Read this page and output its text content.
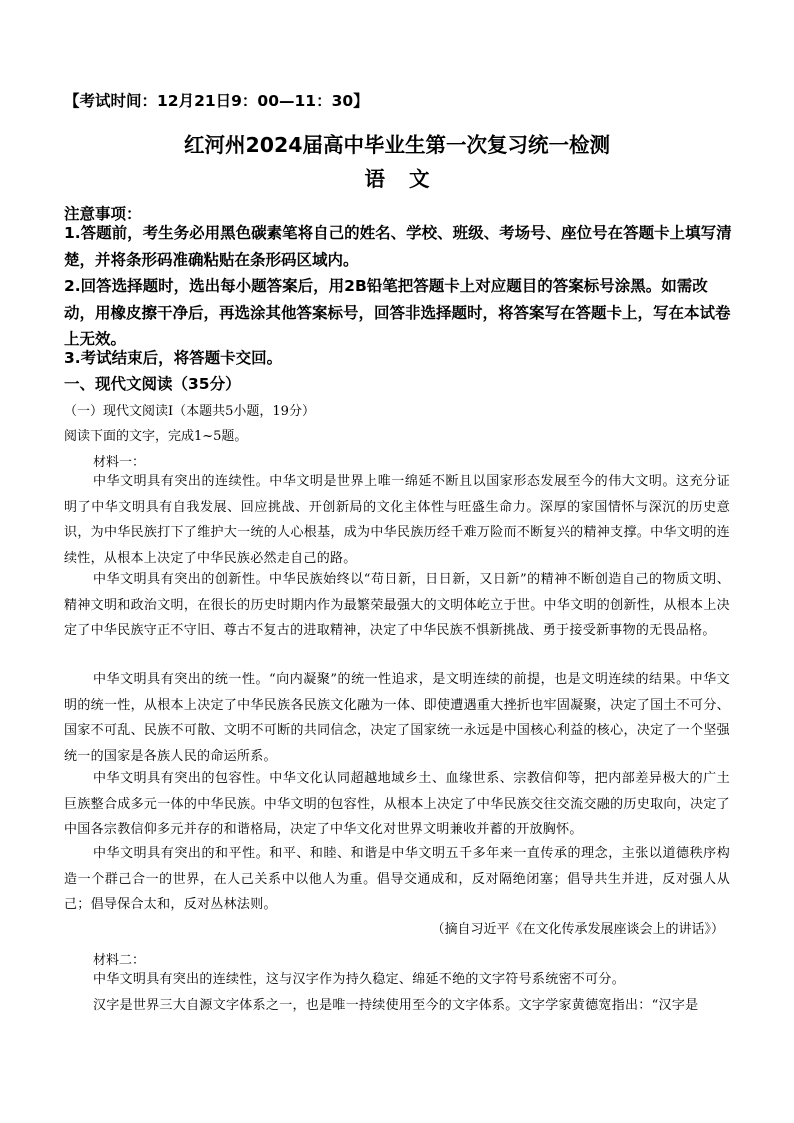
【考试时间：12月21日9：00—11：30】
红河州2024届高中毕业生第一次复习统一检测
语文
注意事项：
1.答题前，考生务必用黑色碳素笔将自己的姓名、学校、班级、考场号、座位号在答题卡上填写清楚，并将条形码准确粘贴在条形码区域内。
2.回答选择题时，选出每小题答案后，用2B铅笔把答题卡上对应题目的答案标号涂黑。如需改动，用橡皮擦干净后，再选涂其他答案标号，回答非选择题时，将答案写在答题卡上，写在本试卷上无效。
3.考试结束后，将答题卡交回。
一、现代文阅读（35分）
（一）现代文阅读Ⅰ（本题共5小题，19分）
阅读下面的文字，完成1~5题。
材料一：
中华文明具有突出的连续性。中华文明是世界上唯一绵延不断且以国家形态发展至今的伟大文明。这充分证明了中华文明具有自我发展、回应挑战、开创新局的文化主体性与旺盛生命力。深厚的家国情怀与深沉的历史意识，为中华民族打下了维护大一统的人心根基，成为中华民族历经千难万险而不断复兴的精神支撑。中华文明的连续性，从根本上决定了中华民族必然走自己的路。
中华文明具有突出的创新性。中华民族始终以“苟日新，日日新，又日新”的精神不断创造自己的物质文明、精神文明和政治文明，在很长的历史时期内作为最繁荣最强大的文明体屹立于世。中华文明的创新性，从根本上决定了中华民族守正不守旧、尊古不复古的进取精神，决定了中华民族不惧新挑战、勇于接受新事物的无畏品格。
中华文明具有突出的统一性。“向内凝聚”的统一性追求，是文明连续的前提，也是文明连续的结果。中华文明的统一性，从根本上决定了中华民族各民族文化融为一体、即使遭遇重大挫折也牢固凝聚，决定了国土不可分、国家不可乱、民族不可散、文明不可断的共同信念，决定了国家统一永远是中国核心利益的核心，决定了一个坚强统一的国家是各族人民的命运所系。
中华文明具有突出的包容性。中华文化认同超越地域乡土、血缘世系、宗教信仰等，把内部差异极大的广土巨族整合成多元一体的中华民族。中华文明的包容性，从根本上决定了中华民族交往交流交融的历史取向，决定了中国各宗教信仰多元并存的和谐格局，决定了中华文化对世界文明兼收并蓄的开放胸怀。
中华文明具有突出的和平性。和平、和睦、和谐是中华文明五千多年来一直传承的理念，主张以道德秩序构造一个群己合一的世界，在人己关系中以他人为重。倡导交通成和，反对隔绝闭塞；倡导共生并进，反对强人从己；倡导保合太和，反对丛林法则。
（摘自习近平《在文化传承发展座谈会上的讲话》）
材料二：
中华文明具有突出的连续性，这与汉字作为持久稳定、绵延不绝的文字符号系统密不可分。
汉字是世界三大自源文字体系之一，也是唯一持续使用至今的文字体系。文字学家黄德宽指出：“汉字是
